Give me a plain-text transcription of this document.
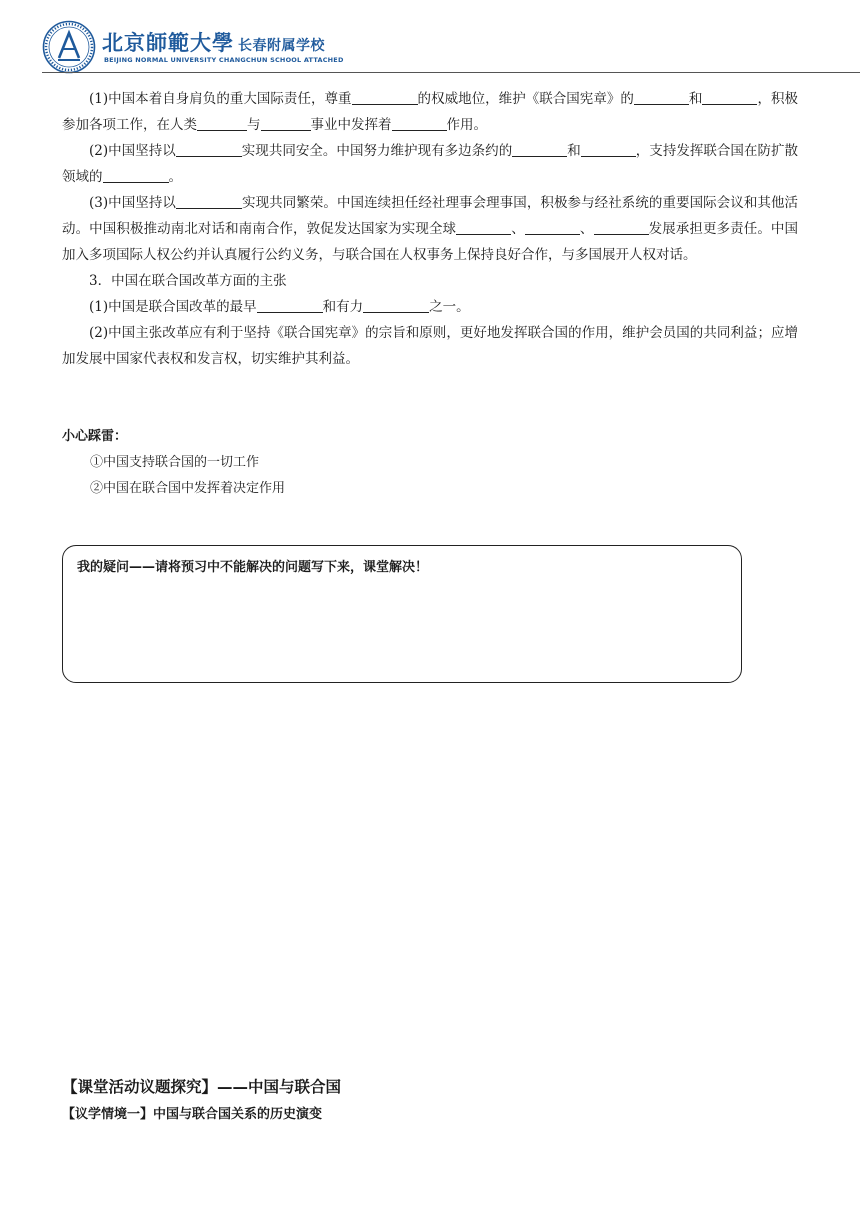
北京師範大學 长春附属学校
BEIJING NORMAL UNIVERSITY CHANGCHUN SCHOOL ATTACHED
(1)中国本着自身肩负的重大国际责任，尊重	的权威地位，维护《联合国宪章》的	和	，积极参加各项工作，在人类	与	事业中发挥着	作用。
(2)中国坚持以	实现共同安全。中国努力维护现有多边条约的	和	，支持发挥联合国在防扩散领域的	。
(3)中国坚持以	实现共同繁荣。中国连续担任经社理事会理事国，积极参与经社系统的重要国际会议和其他活动。中国积极推动南北对话和南南合作，敦促发达国家为实现全球	、	、	发展承担更多责任。中国加入多项国际人权公约并认真履行公约义务，与联合国在人权事务上保持良好合作，与多国展开人权对话。
3．中国在联合国改革方面的主张
(1)中国是联合国改革的最早	和有力	之一。
(2)中国主张改革应有利于坚持《联合国宪章》的宗旨和原则，更好地发挥联合国的作用，维护会员国的共同利益；应增加发展中国家代表权和发言权，切实维护其利益。
小心踩雷：
①中国支持联合国的一切工作
②中国在联合国中发挥着决定作用
我的疑问——请将预习中不能解决的问题写下来，课堂解决！
【课堂活动议题探究】——中国与联合国
【议学情境一】中国与联合国关系的历史演变
